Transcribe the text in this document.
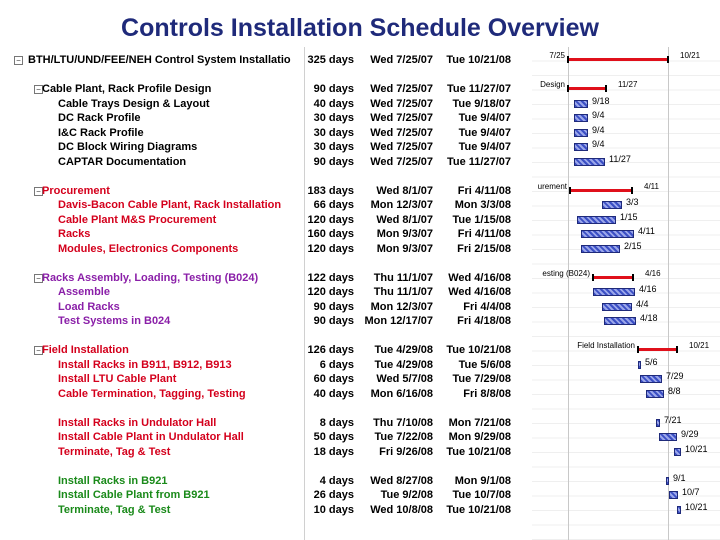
Controls Installation Schedule Overview
− BTH/LTU/UND/FEE/NEH Control System Installatio	325 days	Wed 7/25/07	Tue 10/21/08
− Cable Plant, Rack Profile Design	90 days	Wed 7/25/07	Tue 11/27/07
Cable Trays Design & Layout	40 days	Wed 7/25/07	Tue 9/18/07
DC Rack Profile	30 days	Wed 7/25/07	Tue 9/4/07
I&C Rack Profile	30 days	Wed 7/25/07	Tue 9/4/07
DC Block Wiring Diagrams	30 days	Wed 7/25/07	Tue 9/4/07
CAPTAR Documentation	90 days	Wed 7/25/07	Tue 11/27/07
− Procurement	183 days	Wed 8/1/07	Fri 4/11/08
Davis-Bacon Cable Plant, Rack Installation	66 days	Mon 12/3/07	Mon 3/3/08
Cable Plant M&S Procurement	120 days	Wed 8/1/07	Tue 1/15/08
Racks	160 days	Mon 9/3/07	Fri 4/11/08
Modules, Electronics Components	120 days	Mon 9/3/07	Fri 2/15/08
− Racks Assembly, Loading, Testing (B024)	122 days	Thu 11/1/07	Wed 4/16/08
Assemble	120 days	Thu 11/1/07	Wed 4/16/08
Load Racks	90 days	Mon 12/3/07	Fri 4/4/08
Test Systems in B024	90 days Mon 12/17/07	Fri 4/18/08
− Field Installation	126 days	Tue 4/29/08	Tue 10/21/08
Install Racks in B911, B912, B913	6 days	Tue 4/29/08	Tue 5/6/08
Install LTU Cable Plant	60 days	Wed 5/7/08	Tue 7/29/08
Cable Termination, Tagging, Testing	40 days	Mon 6/16/08	Fri 8/8/08
Install Racks in Undulator Hall	8 days	Thu 7/10/08	Mon 7/21/08
Install Cable Plant in Undulator Hall	50 days	Tue 7/22/08	Mon 9/29/08
Terminate, Tag & Test	18 days	Fri 9/26/08	Tue 10/21/08
Install Racks in B921	4 days	Wed 8/27/08	Mon 9/1/08
Install Cable Plant from B921	26 days	Tue 9/2/08	Tue 10/7/08
Terminate, Tag & Test	10 days	Wed 10/8/08	Tue 10/21/08
7/25	10/21
Design	11/27
9/18
9/4
9/4
9/4
11/27
urement	4/11
3/3
1/15
4/11
2/15
esting (B024)	4/16
4/16
4/4
4/18
Field Installation	10/21
5/6
7/29
8/8
7/21
9/29
10/21
9/1
10/7
10/21
